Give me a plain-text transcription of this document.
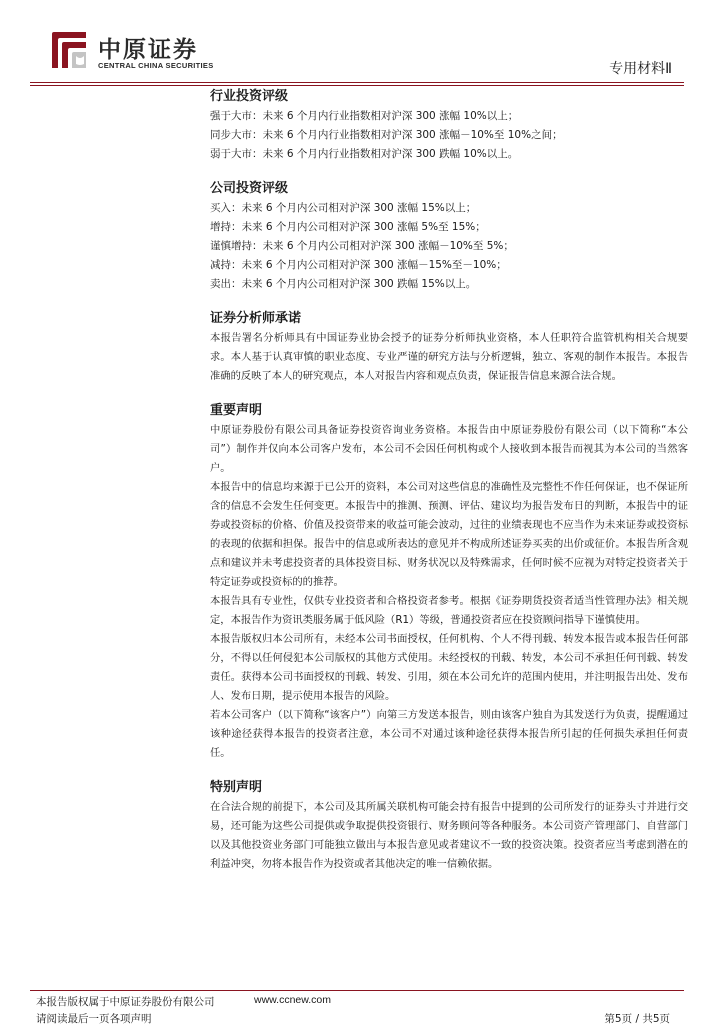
中原证券
CENTRAL CHINA SECURITIES	专用材料Ⅱ
行业投资评级
强于大市：未来 6 个月内行业指数相对沪深 300 涨幅 10%以上；
同步大市：未来 6 个月内行业指数相对沪深 300 涨幅－10%至 10%之间；
弱于大市：未来 6 个月内行业指数相对沪深 300 跌幅 10%以上。
公司投资评级
买入：未来 6 个月内公司相对沪深 300 涨幅 15%以上；
增持：未来 6 个月内公司相对沪深 300 涨幅 5%至 15%；
谨慎增持：未来 6 个月内公司相对沪深 300 涨幅－10%至 5%；
减持：未来 6 个月内公司相对沪深 300 涨幅－15%至－10%；
卖出：未来 6 个月内公司相对沪深 300 跌幅 15%以上。
证券分析师承诺

本报告署名分析师具有中国证券业协会授予的证券分析师执业资格，本人任职符合监管机构相关合规要求。本人基于认真审慎的职业态度、专业严谨的研究方法与分析逻辑，独立、客观的制作本报告。本报告准确的反映了本人的研究观点，本人对报告内容和观点负责，保证报告信息来源合法合规。

重要声明

中原证券股份有限公司具备证券投资咨询业务资格。本报告由中原证券股份有限公司（以下简称“本公司”）制作并仅向本公司客户发布，本公司不会因任何机构或个人接收到本报告而视其为本公司的当然客户。

本报告中的信息均来源于已公开的资料，本公司对这些信息的准确性及完整性不作任何保证，也不保证所含的信息不会发生任何变更。本报告中的推测、预测、评估、建议均为报告发布日的判断，本报告中的证券或投资标的价格、价值及投资带来的收益可能会波动，过往的业绩表现也不应当作为未来证券或投资标的表现的依据和担保。报告中的信息或所表达的意见并不构成所述证券买卖的出价或征价。本报告所含观点和建议并未考虑投资者的具体投资目标、财务状况以及特殊需求，任何时候不应视为对特定投资者关于特定证券或投资标的的推荐。

本报告具有专业性，仅供专业投资者和合格投资者参考。根据《证券期货投资者适当性管理办法》相关规定，本报告作为资讯类服务属于低风险（R1）等级，普通投资者应在投资顾问指导下谨慎使用。

本报告版权归本公司所有，未经本公司书面授权，任何机构、个人不得刊载、转发本报告或本报告任何部分，不得以任何侵犯本公司版权的其他方式使用。未经授权的刊载、转发，本公司不承担任何刊载、转发责任。获得本公司书面授权的刊载、转发、引用，须在本公司允许的范围内使用，并注明报告出处、发布人、发布日期，提示使用本报告的风险。

若本公司客户（以下简称“该客户”）向第三方发送本报告，则由该客户独自为其发送行为负责，提醒通过该种途径获得本报告的投资者注意，本公司不对通过该种途径获得本报告所引起的任何损失承担任何责任。

特别声明

在合法合规的前提下，本公司及其所属关联机构可能会持有报告中提到的公司所发行的证券头寸并进行交易，还可能为这些公司提供或争取提供投资银行、财务顾问等各种服务。本公司资产管理部门、自营部门以及其他投资业务部门可能独立做出与本报告意见或者建议不一致的投资决策。投资者应当考虑到潜在的利益冲突，勿将本报告作为投资或者其他决定的唯一信赖依据。

本报告版权属于中原证券股份有限公司	www.ccnew.com
请阅读最后一页各项声明	第5页 / 共5页
